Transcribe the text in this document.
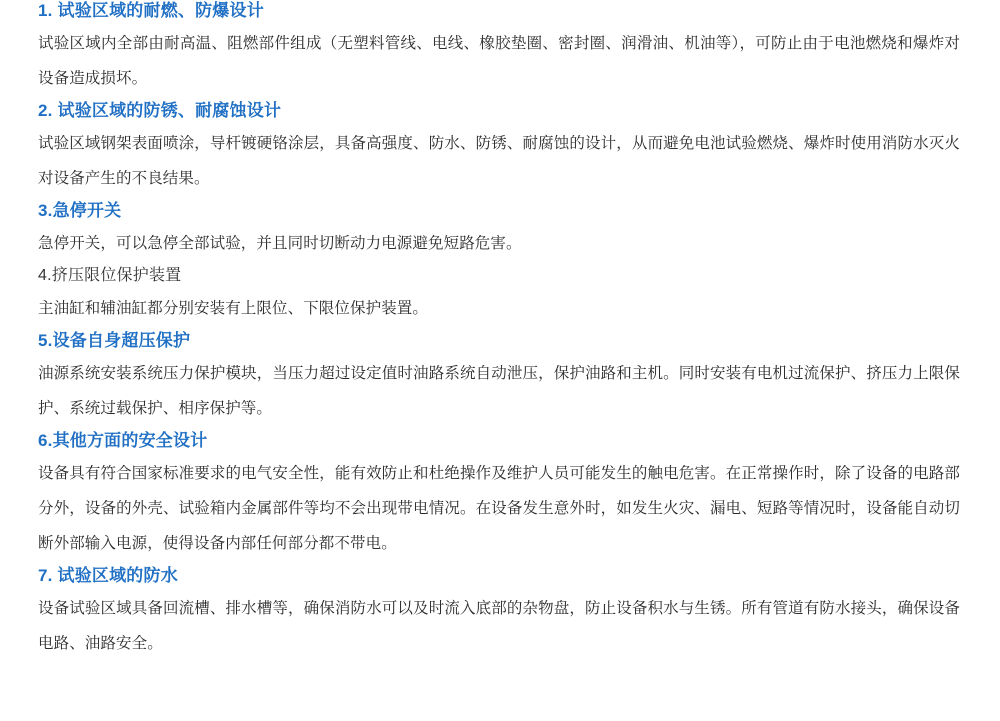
1. 试验区域的耐燃、防爆设计
试验区域内全部由耐高温、阻燃部件组成（无塑料管线、电线、橡胶垫圈、密封圈、润滑油、机油等），可防止由于电池燃烧和爆炸对设备造成损坏。
2. 试验区域的防锈、耐腐蚀设计
试验区域钢架表面喷涂，导杆镀硬铬涂层，具备高强度、防水、防锈、耐腐蚀的设计，从而避免电池试验燃烧、爆炸时使用消防水灭火对设备产生的不良结果。
3.急停开关
急停开关，可以急停全部试验，并且同时切断动力电源避免短路危害。
4.挤压限位保护装置
主油缸和辅油缸都分别安装有上限位、下限位保护装置。
5.设备自身超压保护
油源系统安装系统压力保护模块，当压力超过设定值时油路系统自动泄压，保护油路和主机。同时安装有电机过流保护、挤压力上限保护、系统过载保护、相序保护等。
6.其他方面的安全设计
设备具有符合国家标准要求的电气安全性，能有效防止和杜绝操作及维护人员可能发生的触电危害。在正常操作时，除了设备的电路部分外，设备的外壳、试验箱内金属部件等均不会出现带电情况。在设备发生意外时，如发生火灾、漏电、短路等情况时，设备能自动切断外部输入电源，使得设备内部任何部分都不带电。
7. 试验区域的防水
设备试验区域具备回流槽、排水槽等，确保消防水可以及时流入底部的杂物盘，防止设备积水与生锈。所有管道有防水接头，确保设备电路、油路安全。
